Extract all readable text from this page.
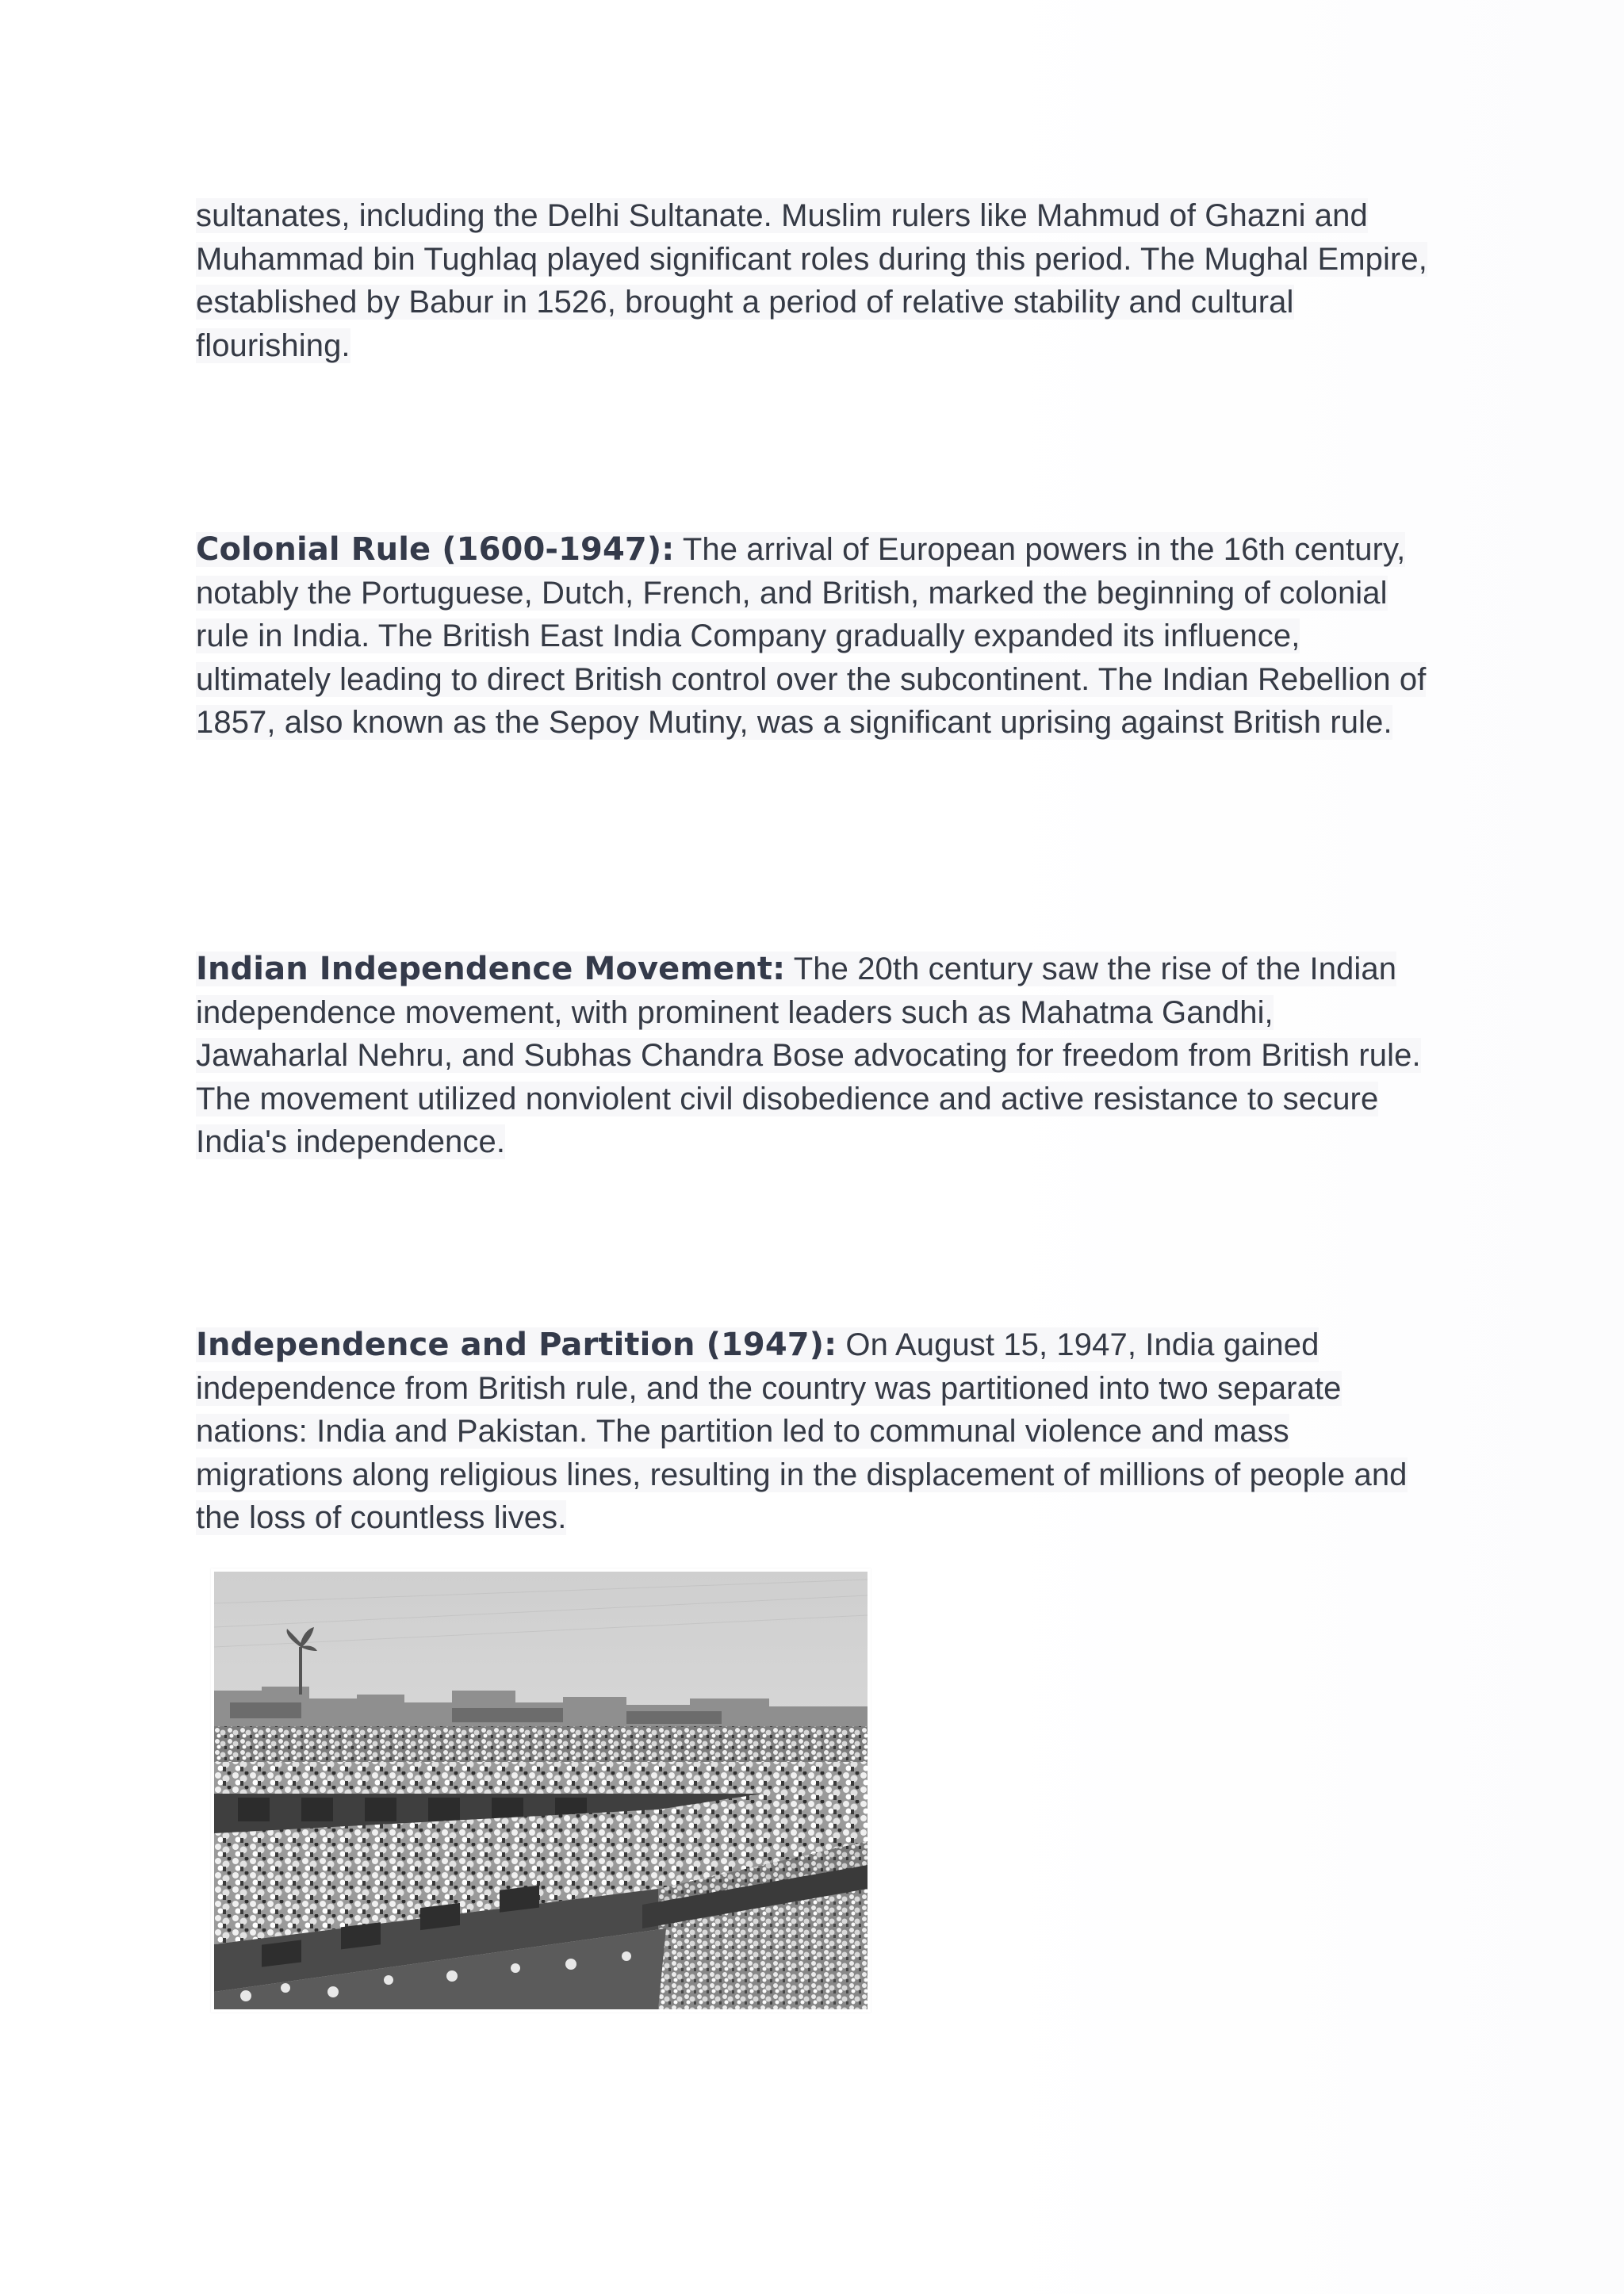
sultanates, including the Delhi Sultanate. Muslim rulers like Mahmud of Ghazni and Muhammad bin Tughlaq played significant roles during this period. The Mughal Empire, established by Babur in 1526, brought a period of relative stability and cultural flourishing.

Colonial Rule (1600-1947): The arrival of European powers in the 16th century, notably the Portuguese, Dutch, French, and British, marked the beginning of colonial rule in India. The British East India Company gradually expanded its influence, ultimately leading to direct British control over the subcontinent. The Indian Rebellion of 1857, also known as the Sepoy Mutiny, was a significant uprising against British rule.

Indian Independence Movement: The 20th century saw the rise of the Indian independence movement, with prominent leaders such as Mahatma Gandhi, Jawaharlal Nehru, and Subhas Chandra Bose advocating for freedom from British rule. The movement utilized nonviolent civil disobedience and active resistance to secure India's independence.

Independence and Partition (1947): On August 15, 1947, India gained independence from British rule, and the country was partitioned into two separate nations: India and Pakistan. The partition led to communal violence and mass migrations along religious lines, resulting in the displacement of millions of people and the loss of countless lives.
